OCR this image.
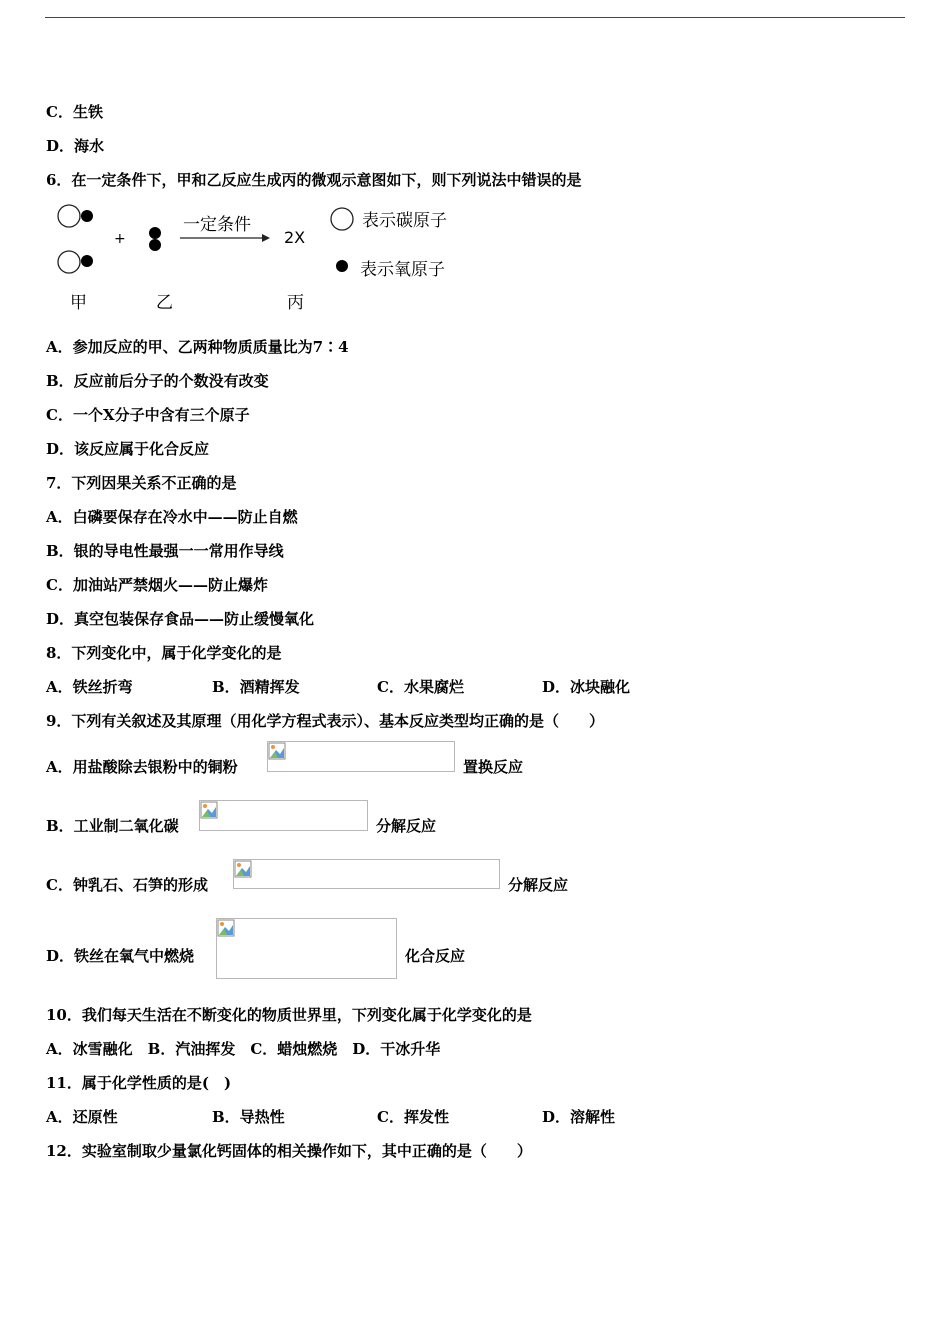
C．生铁
D．海水
6．在一定条件下，甲和乙反应生成丙的微观示意图如下，则下列说法中错误的是
+
一定条件
2X
表示碳原子
表示氧原子
甲	乙	丙
A．参加反应的甲、乙两种物质质量比为7∶4
B．反应前后分子的个数没有改变
C．一个X分子中含有三个原子
D．该反应属于化合反应
7．下列因果关系不正确的是
A．白磷要保存在冷水中——防止自燃
B．银的导电性最强一一常用作导线
C．加油站严禁烟火——防止爆炸
D．真空包装保存食品——防止缓慢氧化
8．下列变化中，属于化学变化的是
A．铁丝折弯	B．酒精挥发	C．水果腐烂	D．冰块融化
9．下列有关叙述及其原理（用化学方程式表示）、基本反应类型均正确的是（　　）
A．用盐酸除去银粉中的铜粉	置换反应
B．工业制二氧化碳	分解反应
C．钟乳石、石笋的形成	分解反应
D．铁丝在氧气中燃烧	化合反应
10．我们每天生活在不断变化的物质世界里，下列变化属于化学变化的是
A．冰雪融化　B．汽油挥发　C．蜡烛燃烧　D．干冰升华
11．属于化学性质的是(　)
A．还原性	B．导热性	C．挥发性	D．溶解性
12．实验室制取少量氯化钙固体的相关操作如下，其中正确的是（　　）
